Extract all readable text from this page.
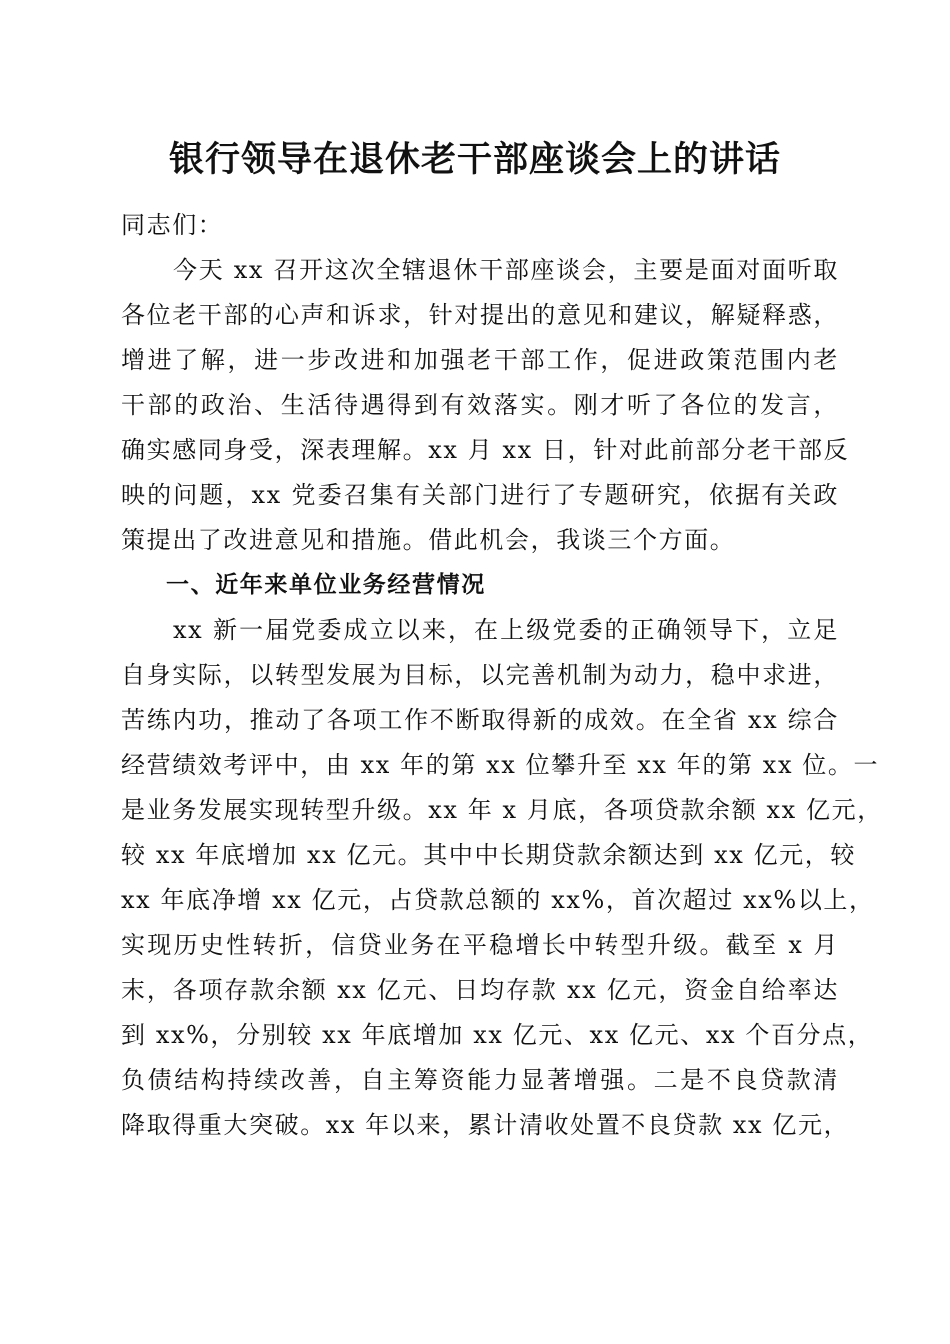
银行领导在退休老干部座谈会上的讲话
同志们：
今天 xx 召开这次全辖退休干部座谈会，主要是面对面听取
各位老干部的心声和诉求，针对提出的意见和建议，解疑释惑，
增进了解，进一步改进和加强老干部工作，促进政策范围内老
干部的政治、生活待遇得到有效落实。刚才听了各位的发言，
确实感同身受，深表理解。xx 月 xx 日，针对此前部分老干部反
映的问题，xx 党委召集有关部门进行了专题研究，依据有关政
策提出了改进意见和措施。借此机会，我谈三个方面。
一、近年来单位业务经营情况
xx 新一届党委成立以来，在上级党委的正确领导下，立足
自身实际，以转型发展为目标，以完善机制为动力，稳中求进，
苦练内功，推动了各项工作不断取得新的成效。在全省 xx 综合
经营绩效考评中，由 xx 年的第 xx 位攀升至 xx 年的第 xx 位。一
是业务发展实现转型升级。xx 年 x 月底，各项贷款余额 xx 亿元，
较 xx 年底增加 xx 亿元。其中中长期贷款余额达到 xx 亿元，较
xx 年底净增 xx 亿元，占贷款总额的 xx%，首次超过 xx%以上，
实现历史性转折，信贷业务在平稳增长中转型升级。截至 x 月
末，各项存款余额 xx 亿元、日均存款 xx 亿元，资金自给率达
到 xx%，分别较 xx 年底增加 xx 亿元、xx 亿元、xx 个百分点，
负债结构持续改善，自主筹资能力显著增强。二是不良贷款清
降取得重大突破。xx 年以来，累计清收处置不良贷款 xx 亿元，
